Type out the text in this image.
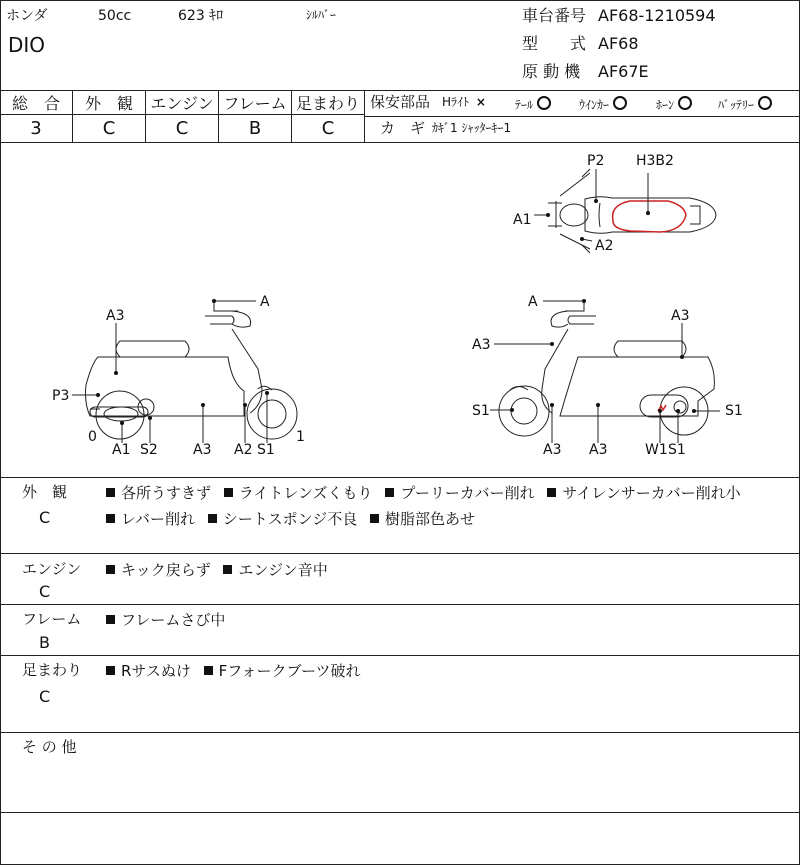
ホンダ	50cc	623 ｷﾛ	ｼﾙﾊﾞｰ
DIO
車台番号 AF68-1210594
型　　式 AF68
原 動 機 AF67E
総　合	外　観	エンジン フレーム 足まわり
3	C	C	B	C
保安部品 Hﾗｲﾄ × ﾃｰﾙ	ｳｲﾝｶｰ	ﾎｰﾝ	ﾊﾞｯﾃﾘｰ
カ　ギ ｶｷﾞ1 ｼｬｯﾀｰｷｰ1
P2 H3B2
A1
A2
A
A3
P3
0
A1 S2	A3 A2 S1
1
A
A3
A3
S1	S1
A3 A3	W1 S1
外　観
C
各所うすきず ライトレンズくもり プーリーカバー削れ サイレンサーカバー削れ小 レバー削れ シートスポンジ不良 樹脂部色あせ
エンジン
C
キック戻らず エンジン音中
フレーム
B
フレームさび中
足まわり
C
Rサスぬけ Fフォークブーツ破れ
そ の 他
